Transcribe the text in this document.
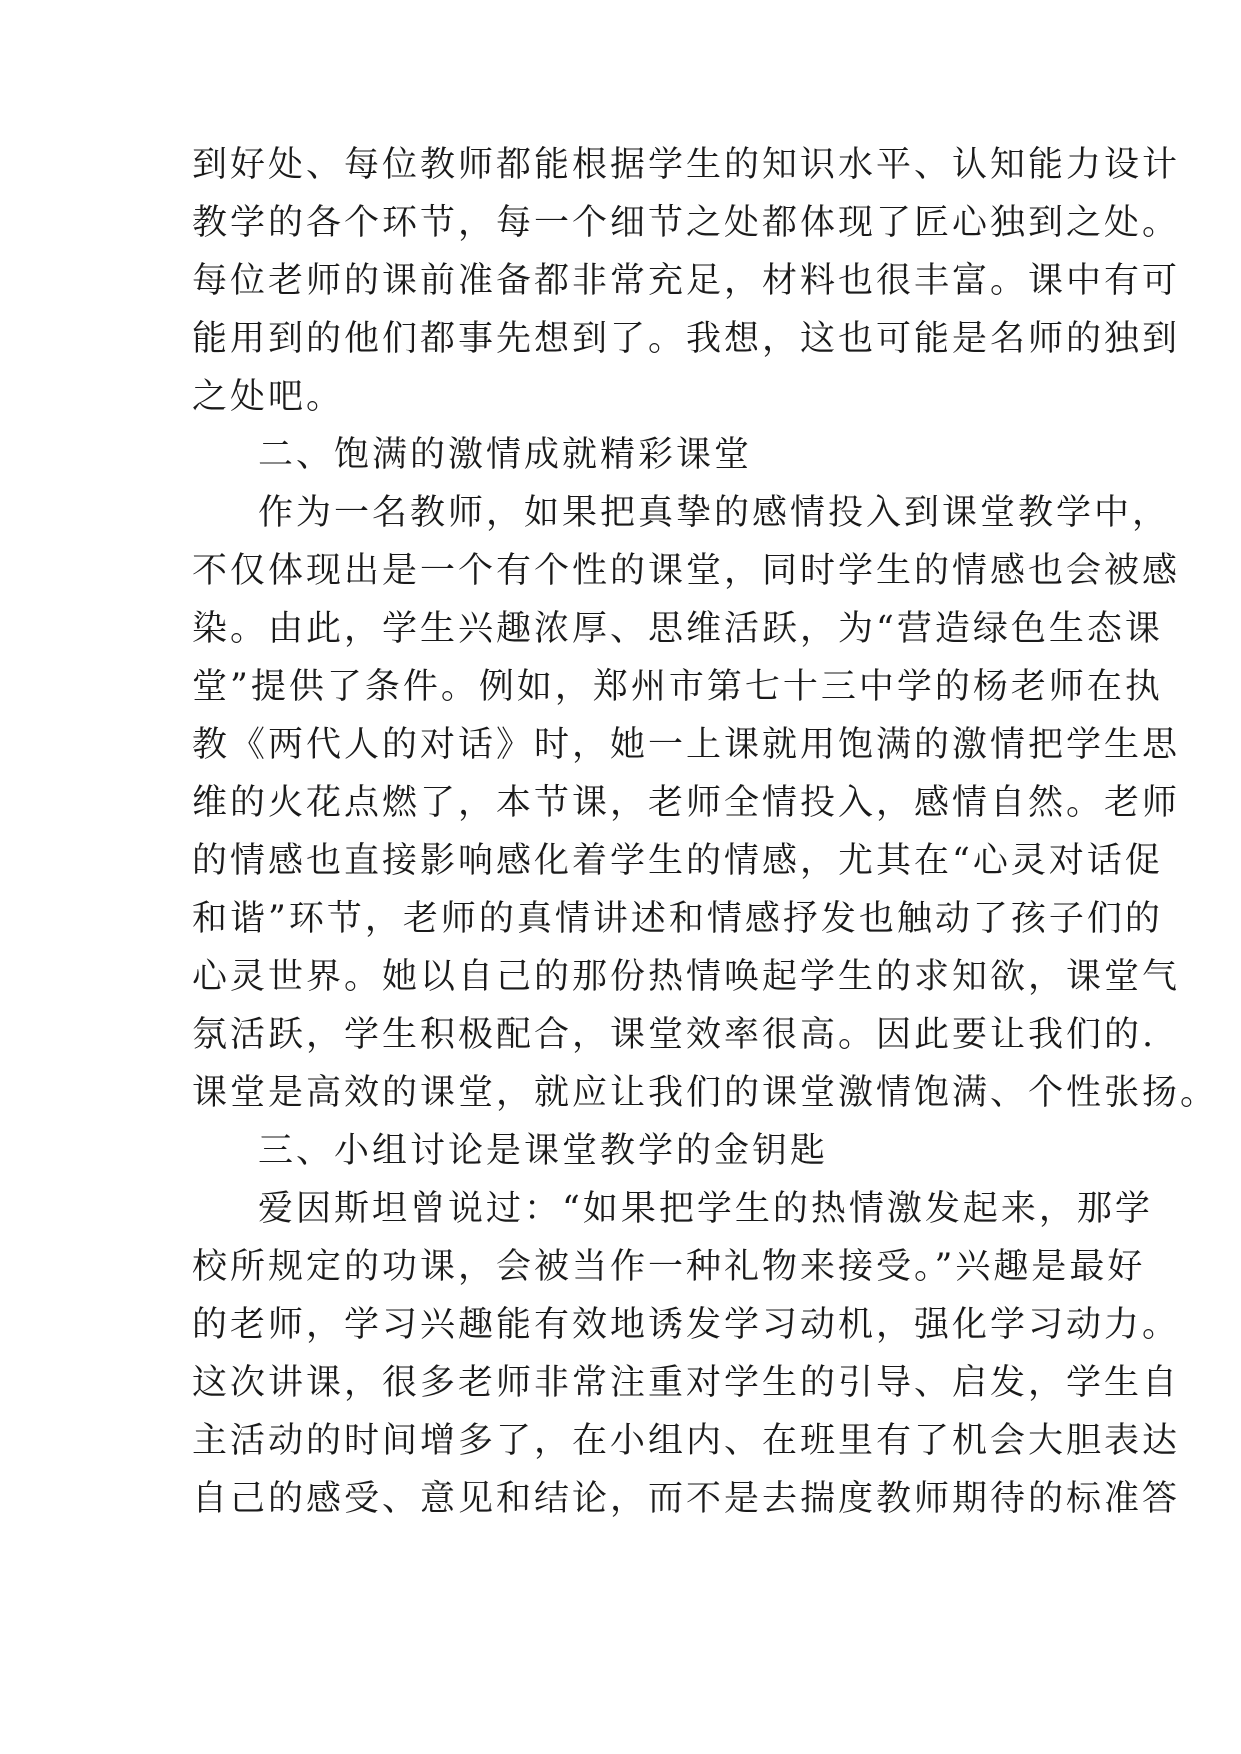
到好处、每位教师都能根据学生的知识水平、认知能力设计
教学的各个环节，每一个细节之处都体现了匠心独到之处。
每位老师的课前准备都非常充足，材料也很丰富。课中有可
能用到的他们都事先想到了。我想，这也可能是名师的独到
之处吧。
二、饱满的激情成就精彩课堂
作为一名教师，如果把真挚的感情投入到课堂教学中，
不仅体现出是一个有个性的课堂，同时学生的情感也会被感
染。由此，学生兴趣浓厚、思维活跃，为“营造绿色生态课
堂”提供了条件。例如，郑州市第七十三中学的杨老师在执
教《两代人的对话》时，她一上课就用饱满的激情把学生思
维的火花点燃了，本节课，老师全情投入，感情自然。老师
的情感也直接影响感化着学生的情感，尤其在“心灵对话促
和谐”环节，老师的真情讲述和情感抒发也触动了孩子们的
心灵世界。她以自己的那份热情唤起学生的求知欲，课堂气
氛活跃，学生积极配合，课堂效率很高。因此要让我们的.
课堂是高效的课堂，就应让我们的课堂激情饱满、个性张扬。
三、小组讨论是课堂教学的金钥匙
爱因斯坦曾说过：“如果把学生的热情激发起来，那学
校所规定的功课，会被当作一种礼物来接受。”兴趣是最好
的老师，学习兴趣能有效地诱发学习动机，强化学习动力。
这次讲课，很多老师非常注重对学生的引导、启发，学生自
主活动的时间增多了，在小组内、在班里有了机会大胆表达
自己的感受、意见和结论，而不是去揣度教师期待的标准答
